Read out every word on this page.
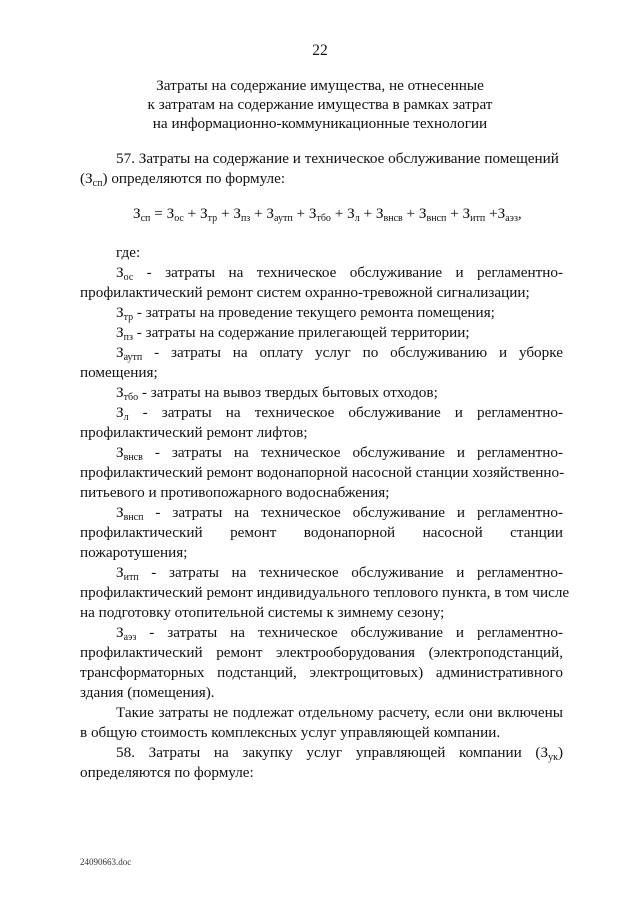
22
Затраты на содержание имущества, не отнесенные
к затратам на содержание имущества в рамках затрат
на информационно-коммуникационные технологии
57. Затраты на содержание и техническое обслуживание помещений
$(З_{сп})$ определяются по формуле:
$З_{сп} = З_{ос} + З_{тр} + З_{пз} + З_{аутп} + З_{тбо} + З_л + З_{внсв} + З_{внсп} + З_{итп} +З_{аэз}$,
где:
$З_{ос}$ - затраты на техническое обслуживание и регламентно-
профилактический ремонт систем охранно-тревожной сигнализации;
$З_{тр}$ - затраты на проведение текущего ремонта помещения;
$З_{пз}$ - затраты на содержание прилегающей территории;
$З_{аутп}$ - затраты на оплату услуг по обслуживанию и уборке
помещения;
$З_{тбо}$ - затраты на вывоз твердых бытовых отходов;
$З_л$ - затраты на техническое обслуживание и регламентно-
профилактический ремонт лифтов;
$З_{внсв}$ - затраты на техническое обслуживание и регламентно-
профилактический ремонт водонапорной насосной станции хозяйственно-
питьевого и противопожарного водоснабжения;
$З_{внсп}$ - затраты на техническое обслуживание и регламентно-
профилактический ремонт водонапорной насосной станции
пожаротушения;
$З_{итп}$ - затраты на техническое обслуживание и регламентно-
профилактический ремонт индивидуального теплового пункта, в том числе
на подготовку отопительной системы к зимнему сезону;
$З_{аэз}$ - затраты на техническое обслуживание и регламентно-
профилактический ремонт электрооборудования (электроподстанций,
трансформаторных подстанций, электрощитовых) административного
здания (помещения).
Такие затраты не подлежат отдельному расчету, если они включены
в общую стоимость комплексных услуг управляющей компании.
58. Затраты на закупку услуг управляющей компании $(З_{ук})$
определяются по формуле:
24090663.doc
